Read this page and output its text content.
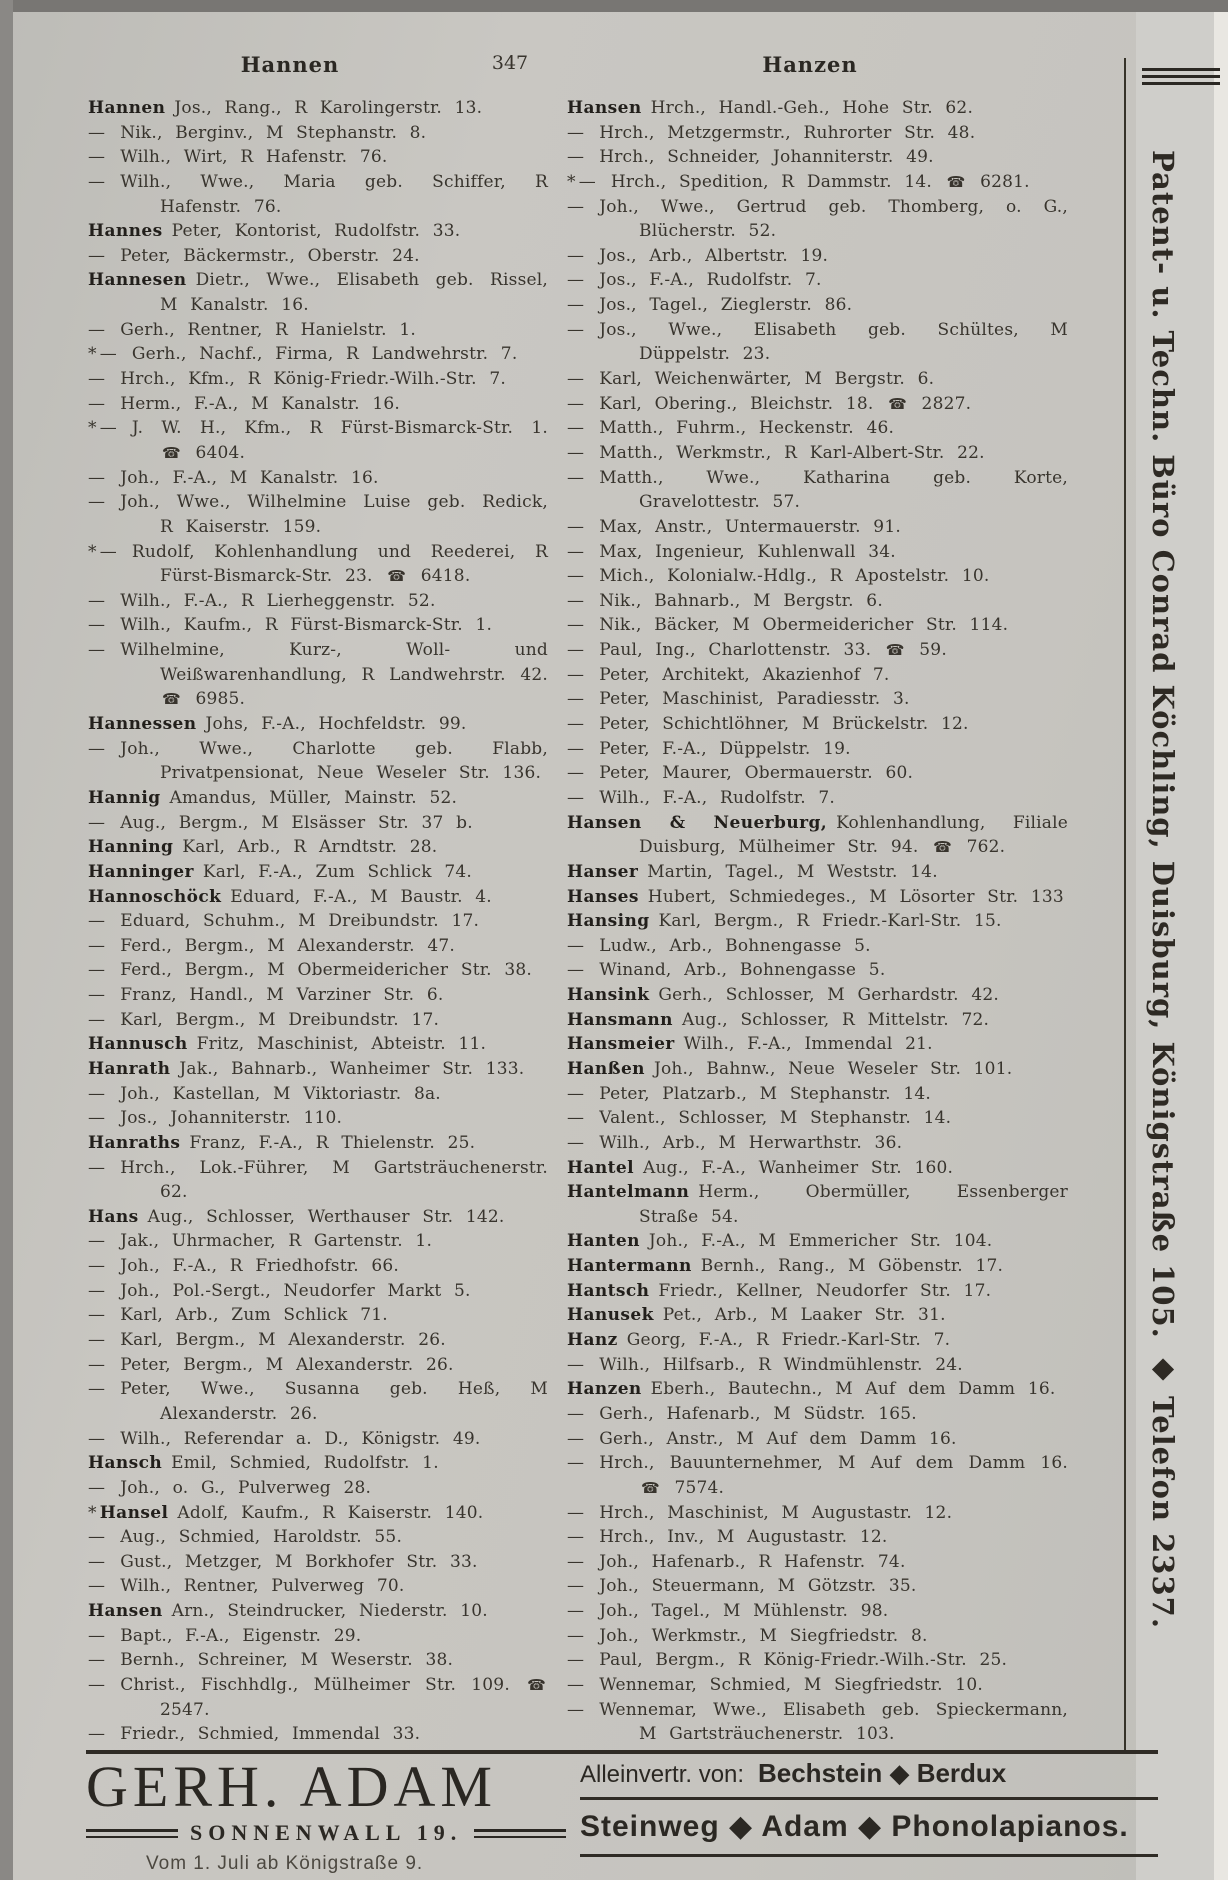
Hannen	347	Hanzen
Hannen Jos., Rang., R Karolingerstr. 13.
— Nik., Berginv., M Stephanstr. 8.
— Wilh., Wirt, R Hafenstr. 76.
— Wilh., Wwe., Maria geb. Schiffer, R Hafenstr. 76.
Hannes Peter, Kontorist, Rudolfstr. 33.
— Peter, Bäckermstr., Oberstr. 24.
Hannesen Dietr., Wwe., Elisabeth geb. Rissel, M Kanalstr. 16.
— Gerh., Rentner, R Hanielstr. 1.
* — Gerh., Nachf., Firma, R Landwehrstr. 7.
— Hrch., Kfm., R König-Friedr.-Wilh.-Str. 7.
— Herm., F.-A., M Kanalstr. 16.
* — J. W. H., Kfm., R Fürst-Bismarck-Str. 1. ☎ 6404.
— Joh., F.-A., M Kanalstr. 16.
— Joh., Wwe., Wilhelmine Luise geb. Redick, R Kaiserstr. 159.
* — Rudolf, Kohlenhandlung und Reederei, R Fürst-Bismarck-Str. 23. ☎ 6418.
— Wilh., F.-A., R Lierheggenstr. 52.
— Wilh., Kaufm., R Fürst-Bismarck-Str. 1.
— Wilhelmine, Kurz-, Woll- und Weißwarenhandlung, R Landwehrstr. 42. ☎ 6985.
Hannessen Johs, F.-A., Hochfeldstr. 99.
— Joh., Wwe., Charlotte geb. Flabb, Privatpensionat, Neue Weseler Str. 136.
Hannig Amandus, Müller, Mainstr. 52.
— Aug., Bergm., M Elsässer Str. 37 b.
Hanning Karl, Arb., R Arndtstr. 28.
Hanninger Karl, F.-A., Zum Schlick 74.
Hannoschöck Eduard, F.-A., M Baustr. 4.
— Eduard, Schuhm., M Dreibundstr. 17.
— Ferd., Bergm., M Alexanderstr. 47.
— Ferd., Bergm., M Obermeidericher Str. 38.
— Franz, Handl., M Varziner Str. 6.
— Karl, Bergm., M Dreibundstr. 17.
Hannusch Fritz, Maschinist, Abteistr. 11.
Hanrath Jak., Bahnarb., Wanheimer Str. 133.
— Joh., Kastellan, M Viktoriastr. 8a.
— Jos., Johanniterstr. 110.
Hanraths Franz, F.-A., R Thielenstr. 25.
— Hrch., Lok.-Führer, M Gartsträuchenerstr. 62.
Hans Aug., Schlosser, Werthauser Str. 142.
— Jak., Uhrmacher, R Gartenstr. 1.
— Joh., F.-A., R Friedhofstr. 66.
— Joh., Pol.-Sergt., Neudorfer Markt 5.
— Karl, Arb., Zum Schlick 71.
— Karl, Bergm., M Alexanderstr. 26.
— Peter, Bergm., M Alexanderstr. 26.
— Peter, Wwe., Susanna geb. Heß, M Alexanderstr. 26.
— Wilh., Referendar a. D., Königstr. 49.
Hansch Emil, Schmied, Rudolfstr. 1.
— Joh., o. G., Pulverweg 28.
* Hansel Adolf, Kaufm., R Kaiserstr. 140.
— Aug., Schmied, Haroldstr. 55.
— Gust., Metzger, M Borkhofer Str. 33.
— Wilh., Rentner, Pulverweg 70.
Hansen Arn., Steindrucker, Niederstr. 10.
— Bapt., F.-A., Eigenstr. 29.
— Bernh., Schreiner, M Weserstr. 38.
— Christ., Fischhdlg., Mülheimer Str. 109. ☎ 2547.
— Friedr., Schmied, Immendal 33.
Hansen Hrch., Handl.-Geh., Hohe Str. 62.
— Hrch., Metzgermstr., Ruhrorter Str. 48.
— Hrch., Schneider, Johanniterstr. 49.
* — Hrch., Spedition, R Dammstr. 14. ☎ 6281.
— Joh., Wwe., Gertrud geb. Thomberg, o. G., Blücherstr. 52.
— Jos., Arb., Albertstr. 19.
— Jos., F.-A., Rudolfstr. 7.
— Jos., Tagel., Zieglerstr. 86.
— Jos., Wwe., Elisabeth geb. Schültes, M Düppelstr. 23.
— Karl, Weichenwärter, M Bergstr. 6.
— Karl, Obering., Bleichstr. 18. ☎ 2827.
— Matth., Fuhrm., Heckenstr. 46.
— Matth., Werkmstr., R Karl-Albert-Str. 22.
— Matth., Wwe., Katharina geb. Korte, Gravelottestr. 57.
— Max, Anstr., Untermauerstr. 91.
— Max, Ingenieur, Kuhlenwall 34.
— Mich., Kolonialw.-Hdlg., R Apostelstr. 10.
— Nik., Bahnarb., M Bergstr. 6.
— Nik., Bäcker, M Obermeidericher Str. 114.
— Paul, Ing., Charlottenstr. 33. ☎ 59.
— Peter, Architekt, Akazienhof 7.
— Peter, Maschinist, Paradiesstr. 3.
— Peter, Schichtlöhner, M Brückelstr. 12.
— Peter, F.-A., Düppelstr. 19.
— Peter, Maurer, Obermauerstr. 60.
— Wilh., F.-A., Rudolfstr. 7.
Hansen & Neuerburg, Kohlenhandlung, Filiale Duisburg, Mülheimer Str. 94. ☎ 762.
Hanser Martin, Tagel., M Weststr. 14.
Hanses Hubert, Schmiedeges., M Lösorter Str. 133
Hansing Karl, Bergm., R Friedr.-Karl-Str. 15.
— Ludw., Arb., Bohnengasse 5.
— Winand, Arb., Bohnengasse 5.
Hansink Gerh., Schlosser, M Gerhardstr. 42.
Hansmann Aug., Schlosser, R Mittelstr. 72.
Hansmeier Wilh., F.-A., Immendal 21.
Hanßen Joh., Bahnw., Neue Weseler Str. 101.
— Peter, Platzarb., M Stephanstr. 14.
— Valent., Schlosser, M Stephanstr. 14.
— Wilh., Arb., M Herwarthstr. 36.
Hantel Aug., F.-A., Wanheimer Str. 160.
Hantelmann Herm., Obermüller, Essenberger Straße 54.
Hanten Joh., F.-A., M Emmericher Str. 104.
Hantermann Bernh., Rang., M Göbenstr. 17.
Hantsch Friedr., Kellner, Neudorfer Str. 17.
Hanusek Pet., Arb., M Laaker Str. 31.
Hanz Georg, F.-A., R Friedr.-Karl-Str. 7.
— Wilh., Hilfsarb., R Windmühlenstr. 24.
Hanzen Eberh., Bautechn., M Auf dem Damm 16.
— Gerh., Hafenarb., M Südstr. 165.
— Gerh., Anstr., M Auf dem Damm 16.
— Hrch., Bauunternehmer, M Auf dem Damm 16. ☎ 7574.
— Hrch., Maschinist, M Augustastr. 12.
— Hrch., Inv., M Augustastr. 12.
— Joh., Hafenarb., R Hafenstr. 74.
— Joh., Steuermann, M Götzstr. 35.
— Joh., Tagel., M Mühlenstr. 98.
— Joh., Werkmstr., M Siegfriedstr. 8.
— Paul, Bergm., R König-Friedr.-Wilh.-Str. 25.
— Wennemar, Schmied, M Siegfriedstr. 10.
— Wennemar, Wwe., Elisabeth geb. Spieckermann, M Gartsträuchenerstr. 103.
Patent- u. Techn. Büro Conrad Köchling, Duisburg, Königstraße 105. ◆ Telefon 2337.
GERH. ADAM
SONNENWALL 19.
Vom 1. Juli ab Königstraße 9.
Alleinvertr. von: Bechstein ◆ Berdux
Steinweg ◆ Adam ◆ Phonolapianos.
